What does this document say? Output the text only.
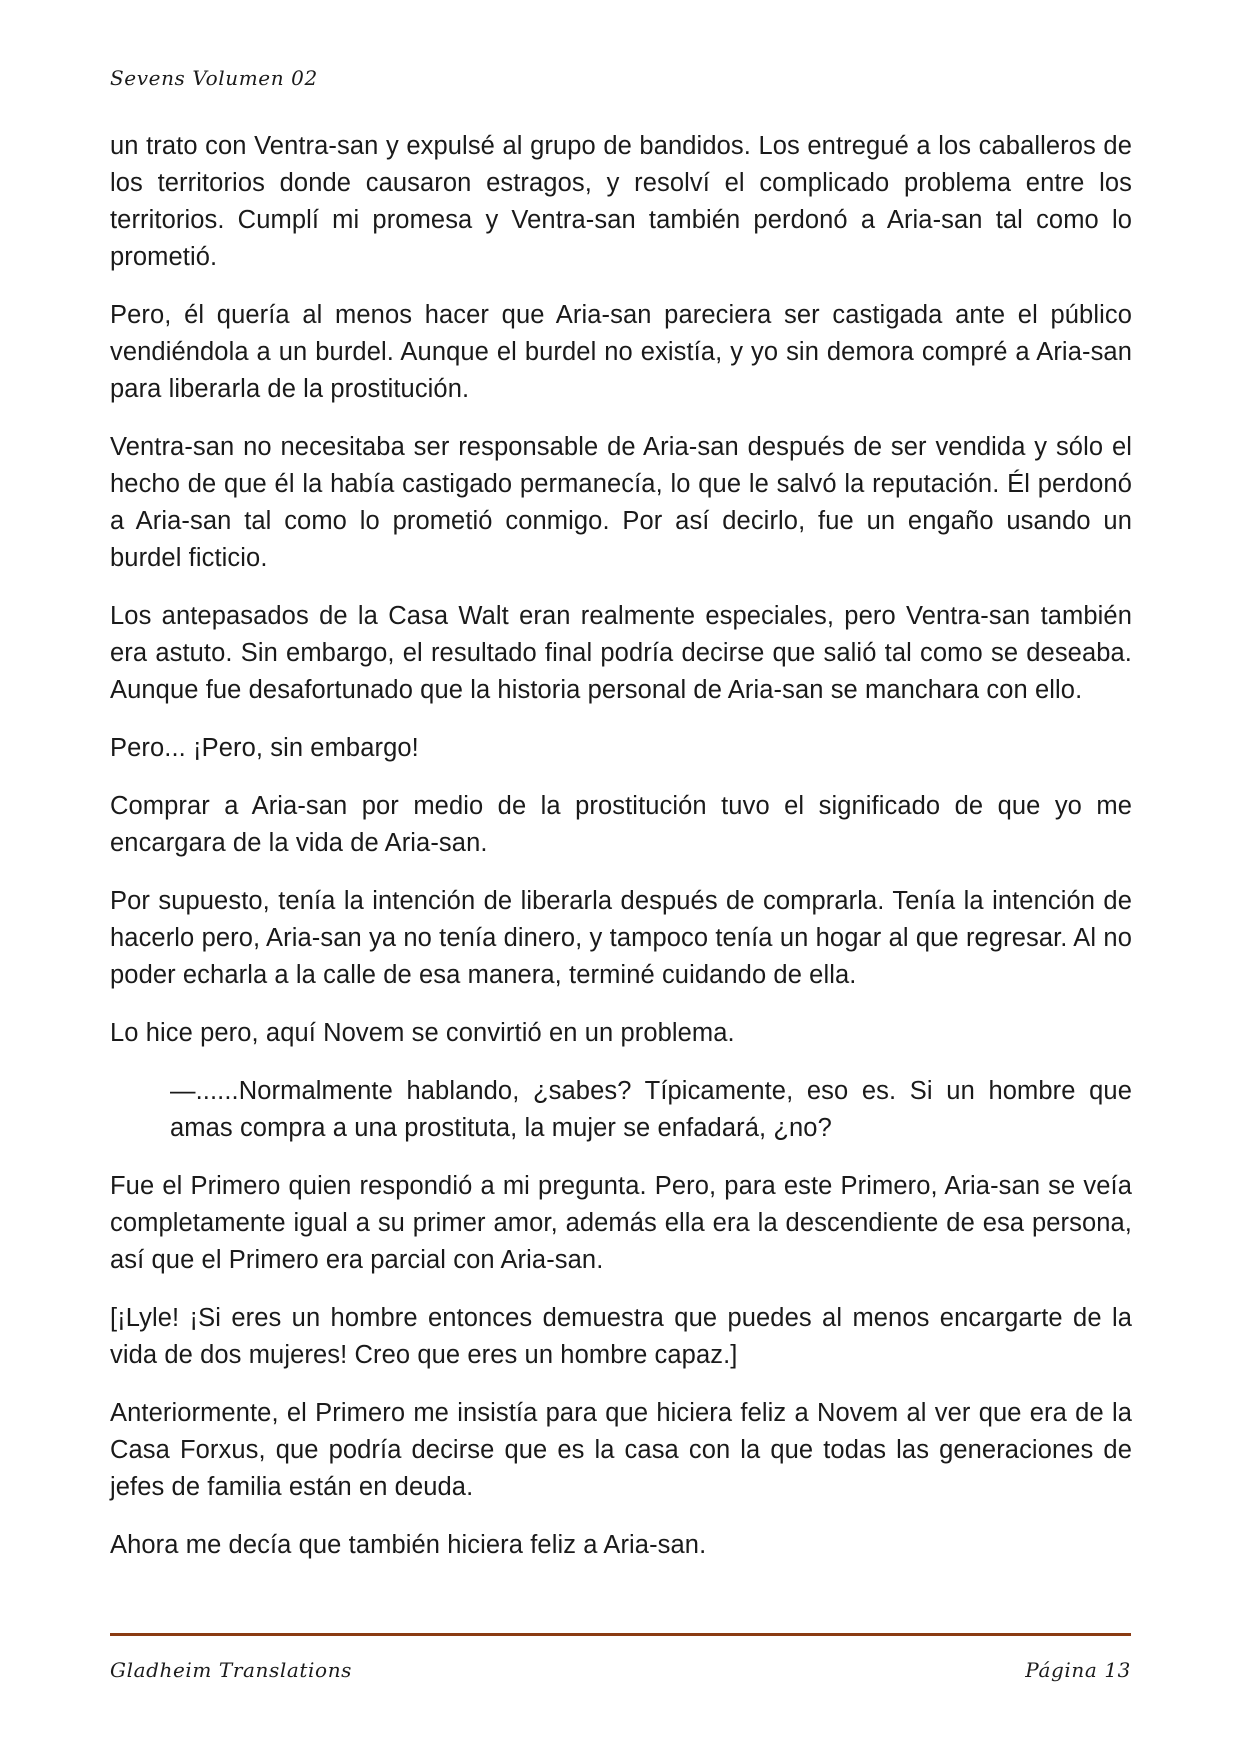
Sevens Volumen 02

un trato con Ventra-san y expulsé al grupo de bandidos. Los entregué a los caballeros de los territorios donde causaron estragos, y resolví el complicado problema entre los territorios. Cumplí mi promesa y Ventra-san también perdonó a Aria-san tal como lo prometió.

Pero, él quería al menos hacer que Aria-san pareciera ser castigada ante el público vendiéndola a un burdel. Aunque el burdel no existía, y yo sin demora compré a Aria-san para liberarla de la prostitución.

Ventra-san no necesitaba ser responsable de Aria-san después de ser vendida y sólo el hecho de que él la había castigado permanecía, lo que le salvó la reputación. Él perdonó a Aria-san tal como lo prometió conmigo. Por así decirlo, fue un engaño usando un burdel ficticio.

Los antepasados de la Casa Walt eran realmente especiales, pero Ventra-san también era astuto. Sin embargo, el resultado final podría decirse que salió tal como se deseaba. Aunque fue desafortunado que la historia personal de Aria-san se manchara con ello.

Pero... ¡Pero, sin embargo!

Comprar a Aria-san por medio de la prostitución tuvo el significado de que yo me encargara de la vida de Aria-san.

Por supuesto, tenía la intención de liberarla después de comprarla. Tenía la intención de hacerlo pero, Aria-san ya no tenía dinero, y tampoco tenía un hogar al que regresar. Al no poder echarla a la calle de esa manera, terminé cuidando de ella.

Lo hice pero, aquí Novem se convirtió en un problema.

—......Normalmente hablando, ¿sabes? Típicamente, eso es. Si un hombre que amas compra a una prostituta, la mujer se enfadará, ¿no?

Fue el Primero quien respondió a mi pregunta. Pero, para este Primero, Aria-san se veía completamente igual a su primer amor, además ella era la descendiente de esa persona, así que el Primero era parcial con Aria-san.

[¡Lyle! ¡Si eres un hombre entonces demuestra que puedes al menos encargarte de la vida de dos mujeres! Creo que eres un hombre capaz.]

Anteriormente, el Primero me insistía para que hiciera feliz a Novem al ver que era de la Casa Forxus, que podría decirse que es la casa con la que todas las generaciones de jefes de familia están en deuda.

Ahora me decía que también hiciera feliz a Aria-san.

Gladheim Translations	Página 13
